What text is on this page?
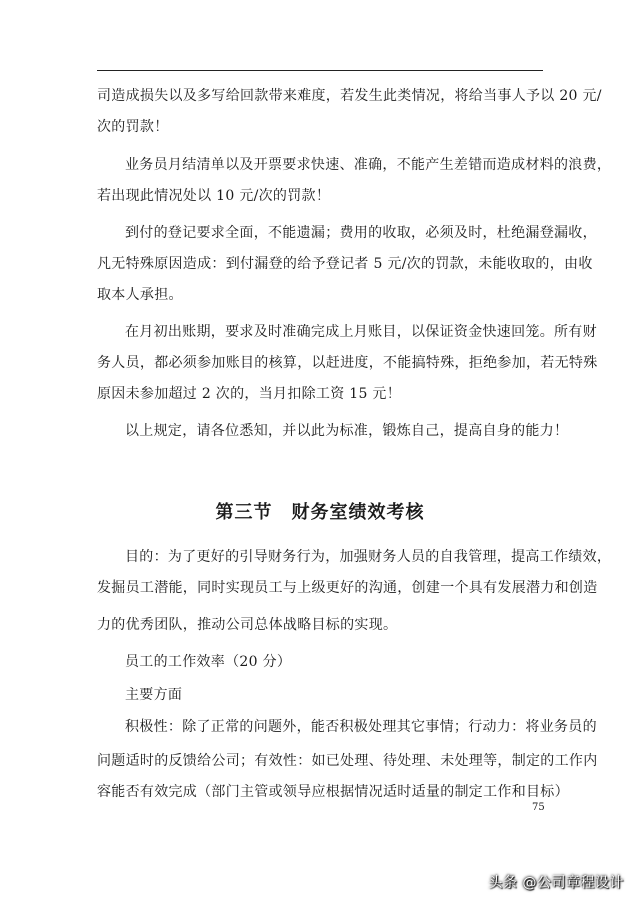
司造成损失以及多写给回款带来难度，若发生此类情况，将给当事人予以 20 元/
次的罚款！
业务员月结清单以及开票要求快速、准确，不能产生差错而造成材料的浪费，
若出现此情况处以 10 元/次的罚款！
到付的登记要求全面，不能遗漏；费用的收取，必须及时，杜绝漏登漏收，
凡无特殊原因造成：到付漏登的给予登记者 5 元/次的罚款，未能收取的，由收
取本人承担。
在月初出账期，要求及时准确完成上月账目，以保证资金快速回笼。所有财
务人员，都必须参加账目的核算，以赶进度，不能搞特殊，拒绝参加，若无特殊
原因未参加超过 2 次的，当月扣除工资 15 元！
以上规定，请各位悉知，并以此为标准，锻炼自己，提高自身的能力！
目的：为了更好的引导财务行为，加强财务人员的自我管理，提高工作绩效，
发掘员工潜能，同时实现员工与上级更好的沟通，创建一个具有发展潜力和创造
力的优秀团队，推动公司总体战略目标的实现。
员工的工作效率（20 分）
主要方面
积极性：除了正常的问题外，能否积极处理其它事情；行动力：将业务员的
问题适时的反馈给公司；有效性：如已处理、待处理、未处理等，制定的工作内
容能否有效完成（部门主管或领导应根据情况适时适量的制定工作和目标）
第三节　财务室绩效考核
75
头条 @公司章程设计
